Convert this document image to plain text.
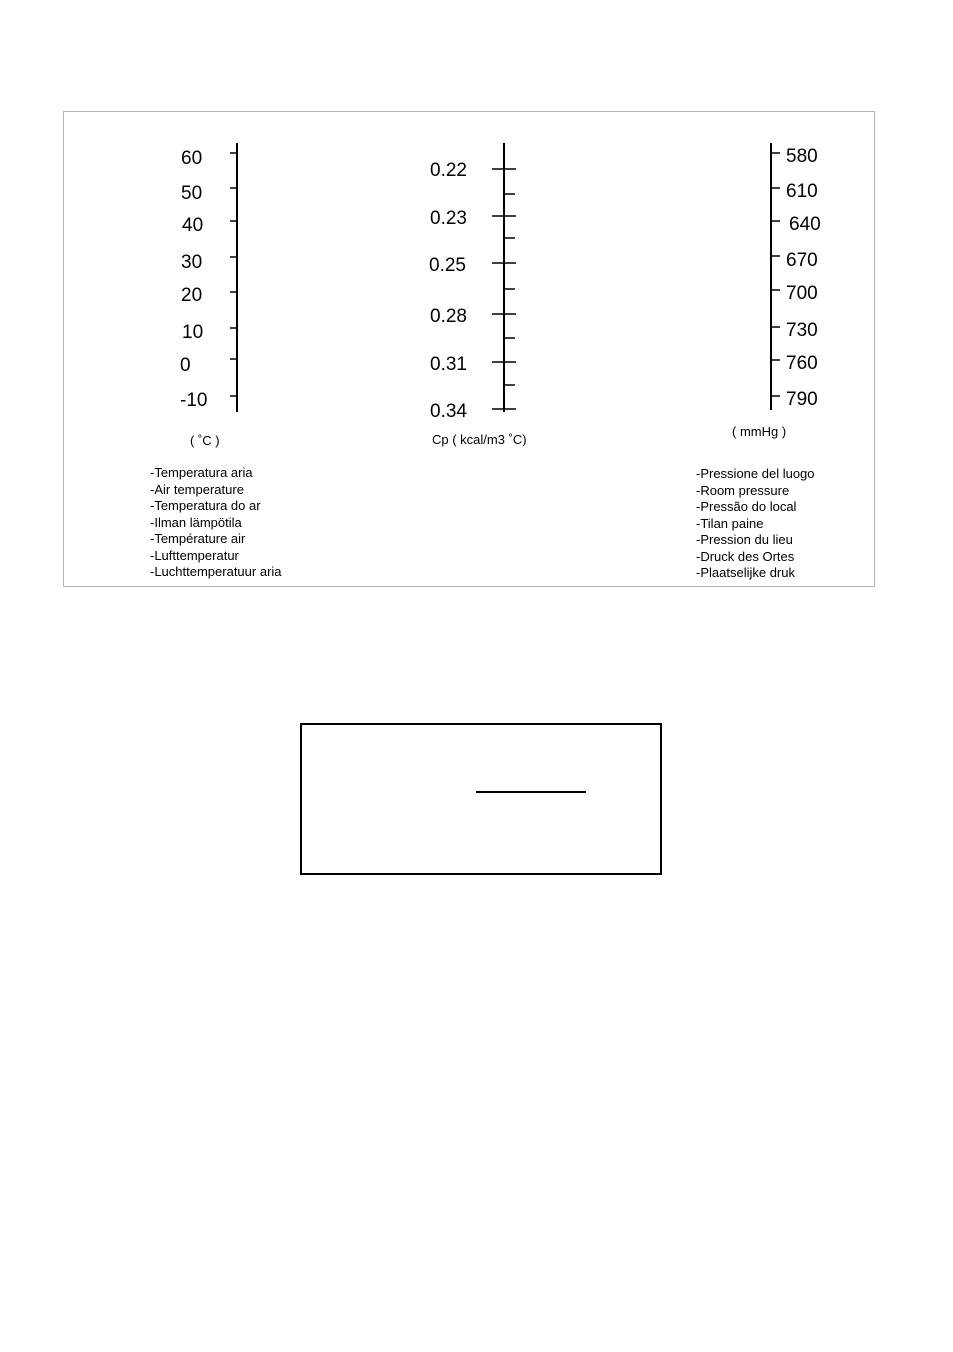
60
50
40
30
20
10
0
-10
( ˚C )
0.22
0.23
0.25
0.28
0.31
0.34
Cp ( kcal/m3 ˚C)
580
610
640
670
700
730
760
790
( mmHg )
-Temperatura aria
-Air temperature
-Temperatura do ar
-Ilman lämpötila
-Température air
-Lufttemperatur
-Luchttemperatuur aria
-Pressione del luogo
-Room pressure
-Pressão do local
-Tilan paine
-Pression du lieu
-Druck des Ortes
-Plaatselijke druk
